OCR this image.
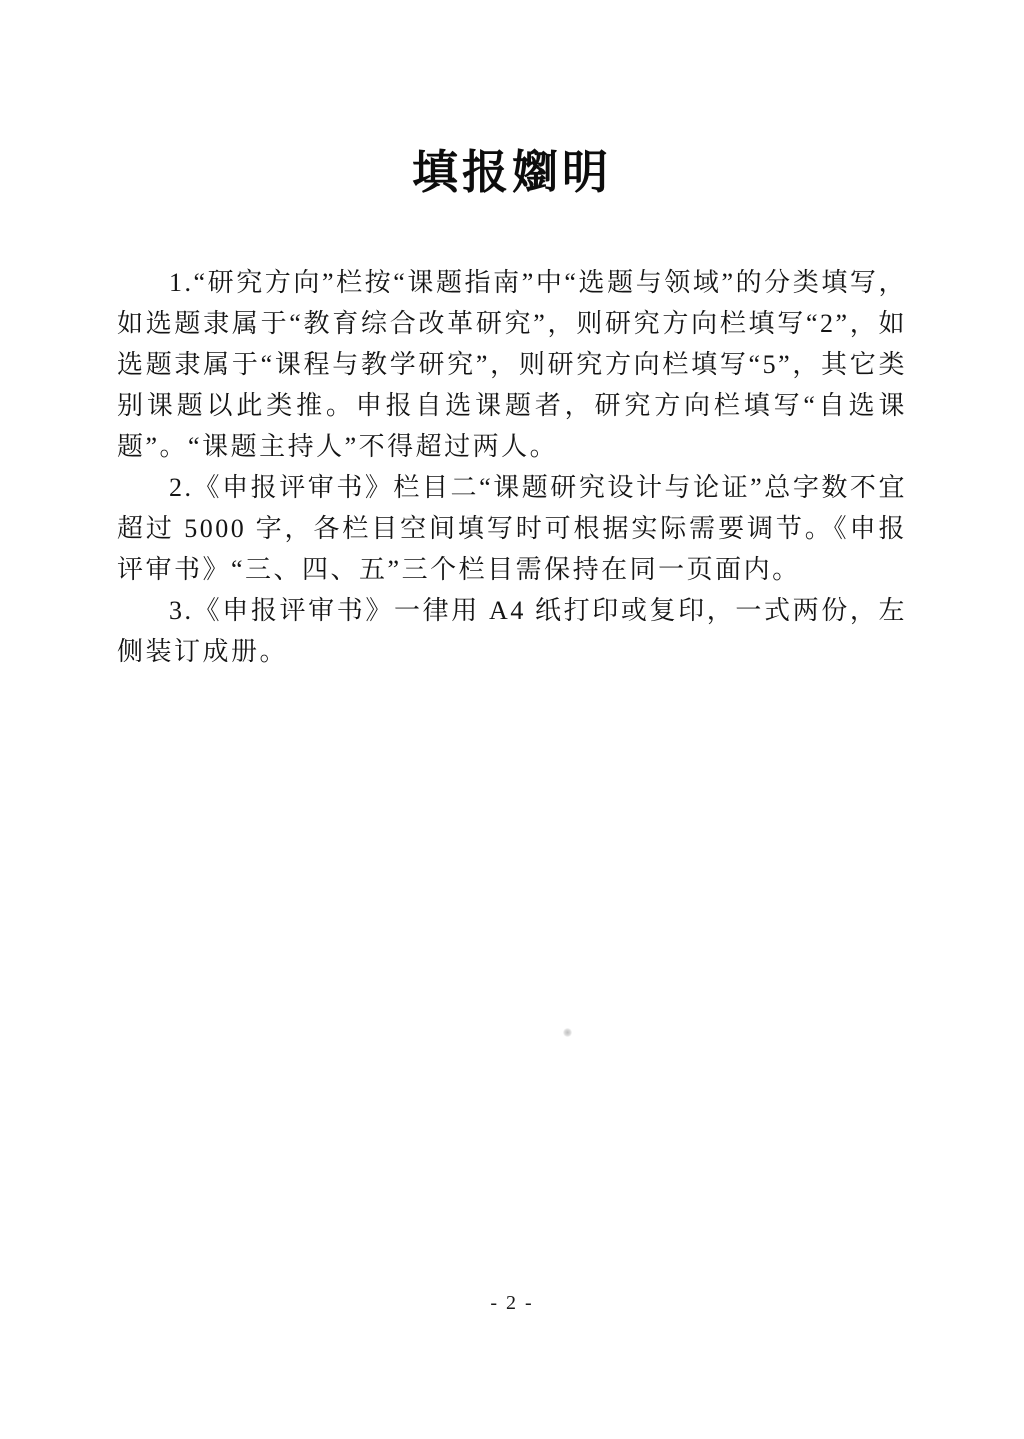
填报嬼明

1.“研究方向”栏按“课题指南”中“选题与领域”的分类填写，如选题隶属于“教育综合改革研究”，则研究方向栏填写“2”，如选题隶属于“课程与教学研究”，则研究方向栏填写“5”，其它类别课题以此类推。申报自选课题者，研究方向栏填写“自选课题”。“课题主持人”不得超过两人。

2.《申报评审书》栏目二“课题研究设计与论证”总字数不宜超过 5000 字，各栏目空间填写时可根据实际需要调节。《申报评审书》“三、四、五”三个栏目需保持在同一页面内。

3.《申报评审书》一律用 A4 纸打印或复印，一式两份，左侧装订成册。

- 2 -
